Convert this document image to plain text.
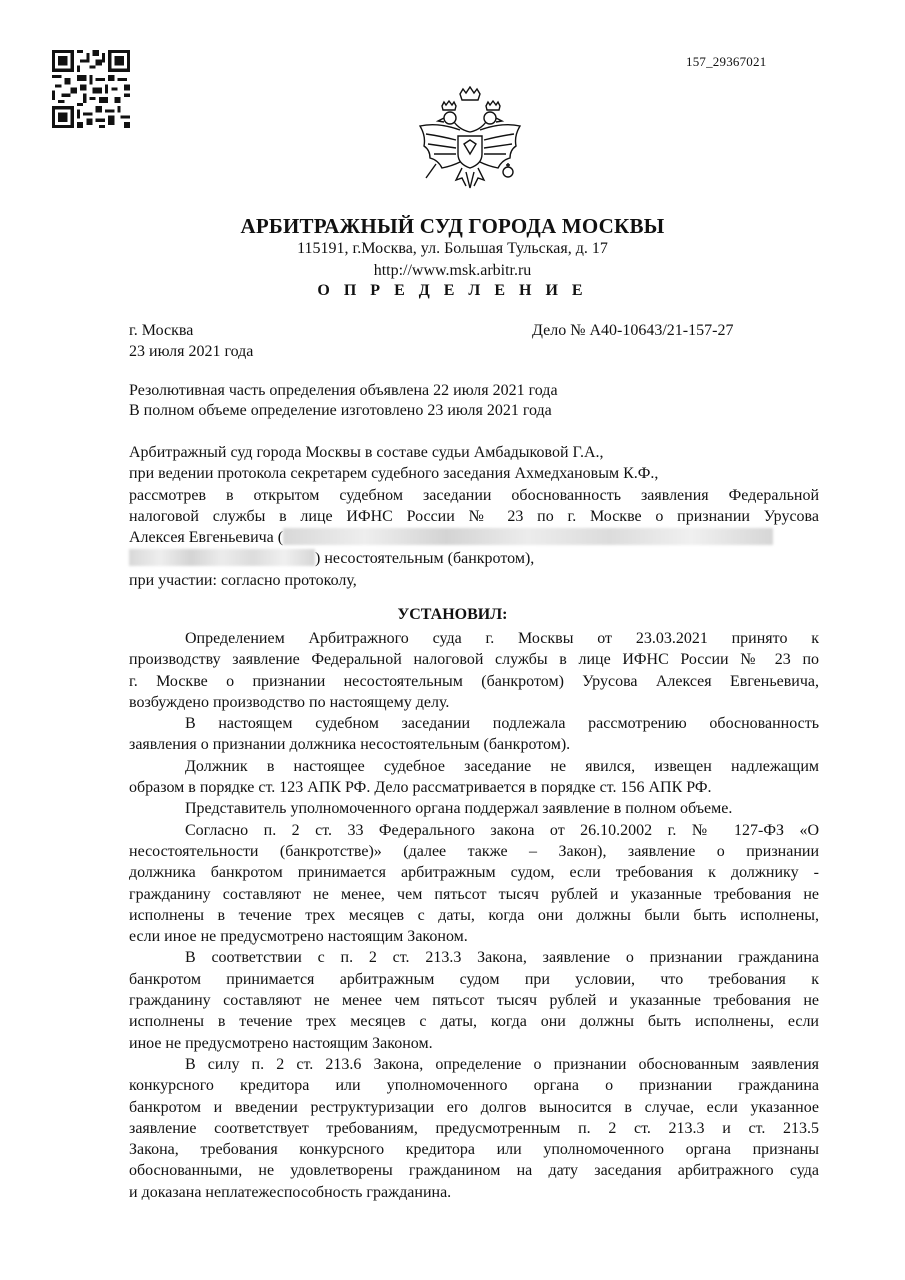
157_29367021
АРБИТРАЖНЫЙ СУД ГОРОДА МОСКВЫ
115191, г.Москва, ул. Большая Тульская, д. 17
http://www.msk.arbitr.ru
О П Р Е Д Е Л Е Н И Е
г. Москва	Дело № А40-10643/21-157-27
23 июля 2021 года
Резолютивная часть определения объявлена 22 июля 2021 года
В полном объеме определение изготовлено 23 июля 2021 года
Арбитражный суд города Москвы в составе судьи Амбадыковой Г.А.,
при ведении протокола секретарем судебного заседания Ахмедхановым К.Ф.,
рассмотрев в открытом судебном заседании обоснованность заявления Федеральной
налоговой службы в лице ИФНС России № 23 по г. Москве о признании Урусова
Алексея Евгеньевича (
) несостоятельным (банкротом),
при участии: согласно протоколу,
УСТАНОВИЛ:
Определением Арбитражного суда г. Москвы от 23.03.2021 принято к
производству заявление Федеральной налоговой службы в лице ИФНС России № 23 по
г. Москве о признании несостоятельным (банкротом) Урусова Алексея Евгеньевича,
возбуждено производство по настоящему делу.
В настоящем судебном заседании подлежала рассмотрению обоснованность
заявления о признании должника несостоятельным (банкротом).
Должник в настоящее судебное заседание не явился, извещен надлежащим
образом в порядке ст. 123 АПК РФ. Дело рассматривается в порядке ст. 156 АПК РФ.
Представитель уполномоченного органа поддержал заявление в полном объеме.
Согласно п. 2 ст. 33 Федерального закона от 26.10.2002 г. № 127-ФЗ «О
несостоятельности (банкротстве)» (далее также – Закон), заявление о признании
должника банкротом принимается арбитражным судом, если требования к должнику -
гражданину составляют не менее, чем пятьсот тысяч рублей и указанные требования не
исполнены в течение трех месяцев с даты, когда они должны были быть исполнены,
если иное не предусмотрено настоящим Законом.
В соответствии с п. 2 ст. 213.3 Закона, заявление о признании гражданина
банкротом принимается арбитражным судом при условии, что требования к
гражданину составляют не менее чем пятьсот тысяч рублей и указанные требования не
исполнены в течение трех месяцев с даты, когда они должны быть исполнены, если
иное не предусмотрено настоящим Законом.
В силу п. 2 ст. 213.6 Закона, определение о признании обоснованным заявления
конкурсного кредитора или уполномоченного органа о признании гражданина
банкротом и введении реструктуризации его долгов выносится в случае, если указанное
заявление соответствует требованиям, предусмотренным п. 2 ст. 213.3 и ст. 213.5
Закона, требования конкурсного кредитора или уполномоченного органа признаны
обоснованными, не удовлетворены гражданином на дату заседания арбитражного суда
и доказана неплатежеспособность гражданина.
